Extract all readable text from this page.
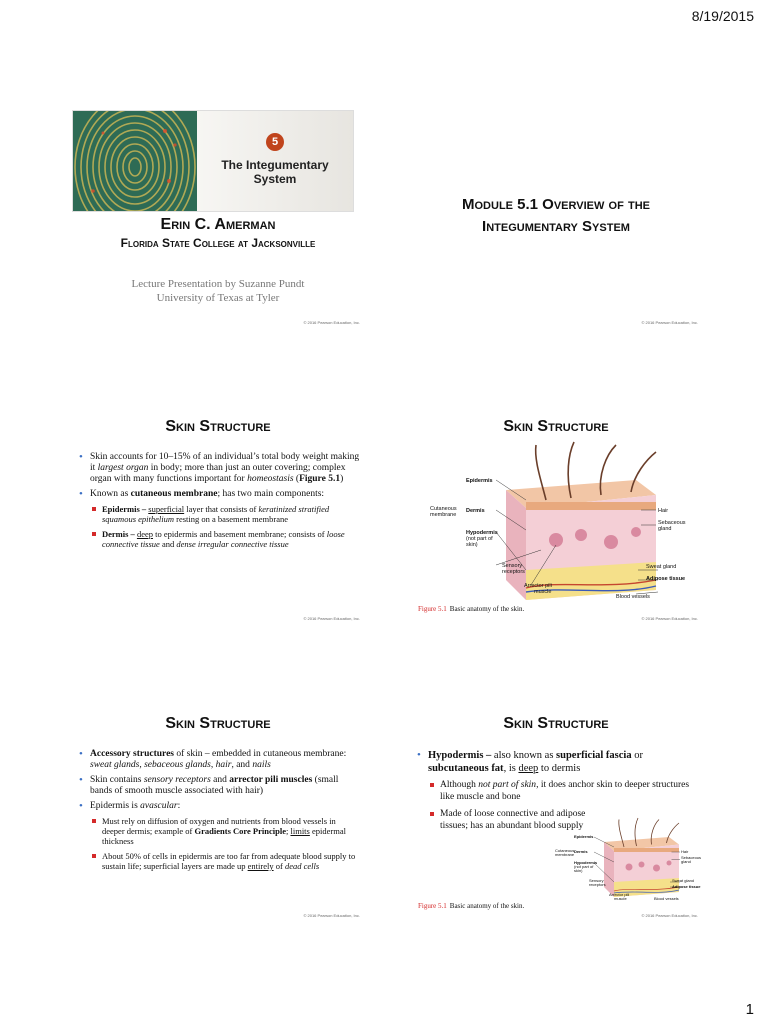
8/19/2015
5
The Integumentary
System
Erin C. Amerman
Florida State College at Jacksonville
Lecture Presentation by Suzanne Pundt
University of Texas at Tyler
© 2016 Pearson Education, Inc.
Module 5.1 Overview of the
Integumentary System
© 2016 Pearson Education, Inc.
Skin Structure
• Skin accounts for 10–15% of an individual’s total body weight making it largest organ in body; more than just an outer covering; complex organ with many functions important for homeostasis (Figure 5.1)
• Known as cutaneous membrane; has two main components:
Epidermis – superficial layer that consists of keratinized stratified squamous epithelium resting on a basement membrane
Dermis – deep to epidermis and basement membrane; consists of loose connective tissue and dense irregular connective tissue
© 2016 Pearson Education, Inc.
Skin Structure
Epidermis
Cutaneous
membrane
Dermis
Hypodermis
(not part of
skin)
Sensory
receptors
Arrector pili
muscle
Hair
Sebaceous
gland
Sweat gland
Adipose tissue
Blood vessels
Figure 5.1 Basic anatomy of the skin.
© 2016 Pearson Education, Inc.
Skin Structure
• Accessory structures of skin – embedded in cutaneous membrane: sweat glands, sebaceous glands, hair, and nails
• Skin contains sensory receptors and arrector pili muscles (small bands of smooth muscle associated with hair)
• Epidermis is avascular:
Must rely on diffusion of oxygen and nutrients from blood vessels in deeper dermis; example of Gradients Core Principle; limits epidermal thickness
About 50% of cells in epidermis are too far from adequate blood supply to sustain life; superficial layers are made up entirely of dead cells
© 2016 Pearson Education, Inc.
Skin Structure
• Hypodermis – also known as superficial fascia or subcutaneous fat, is deep to dermis
Although not part of skin, it does anchor skin to deeper structures like muscle and bone
Made of loose connective and adipose tissues; has an abundant blood supply
Epidermis
Cutaneous
membrane
Dermis
Hypodermis
(not part of
skin)
Sensory
receptors
Arrector pili
muscle
Hair
Sebaceous
gland
Sweat gland
Adipose tissue
Blood vessels
Figure 5.1 Basic anatomy of the skin.
© 2016 Pearson Education, Inc.
1
